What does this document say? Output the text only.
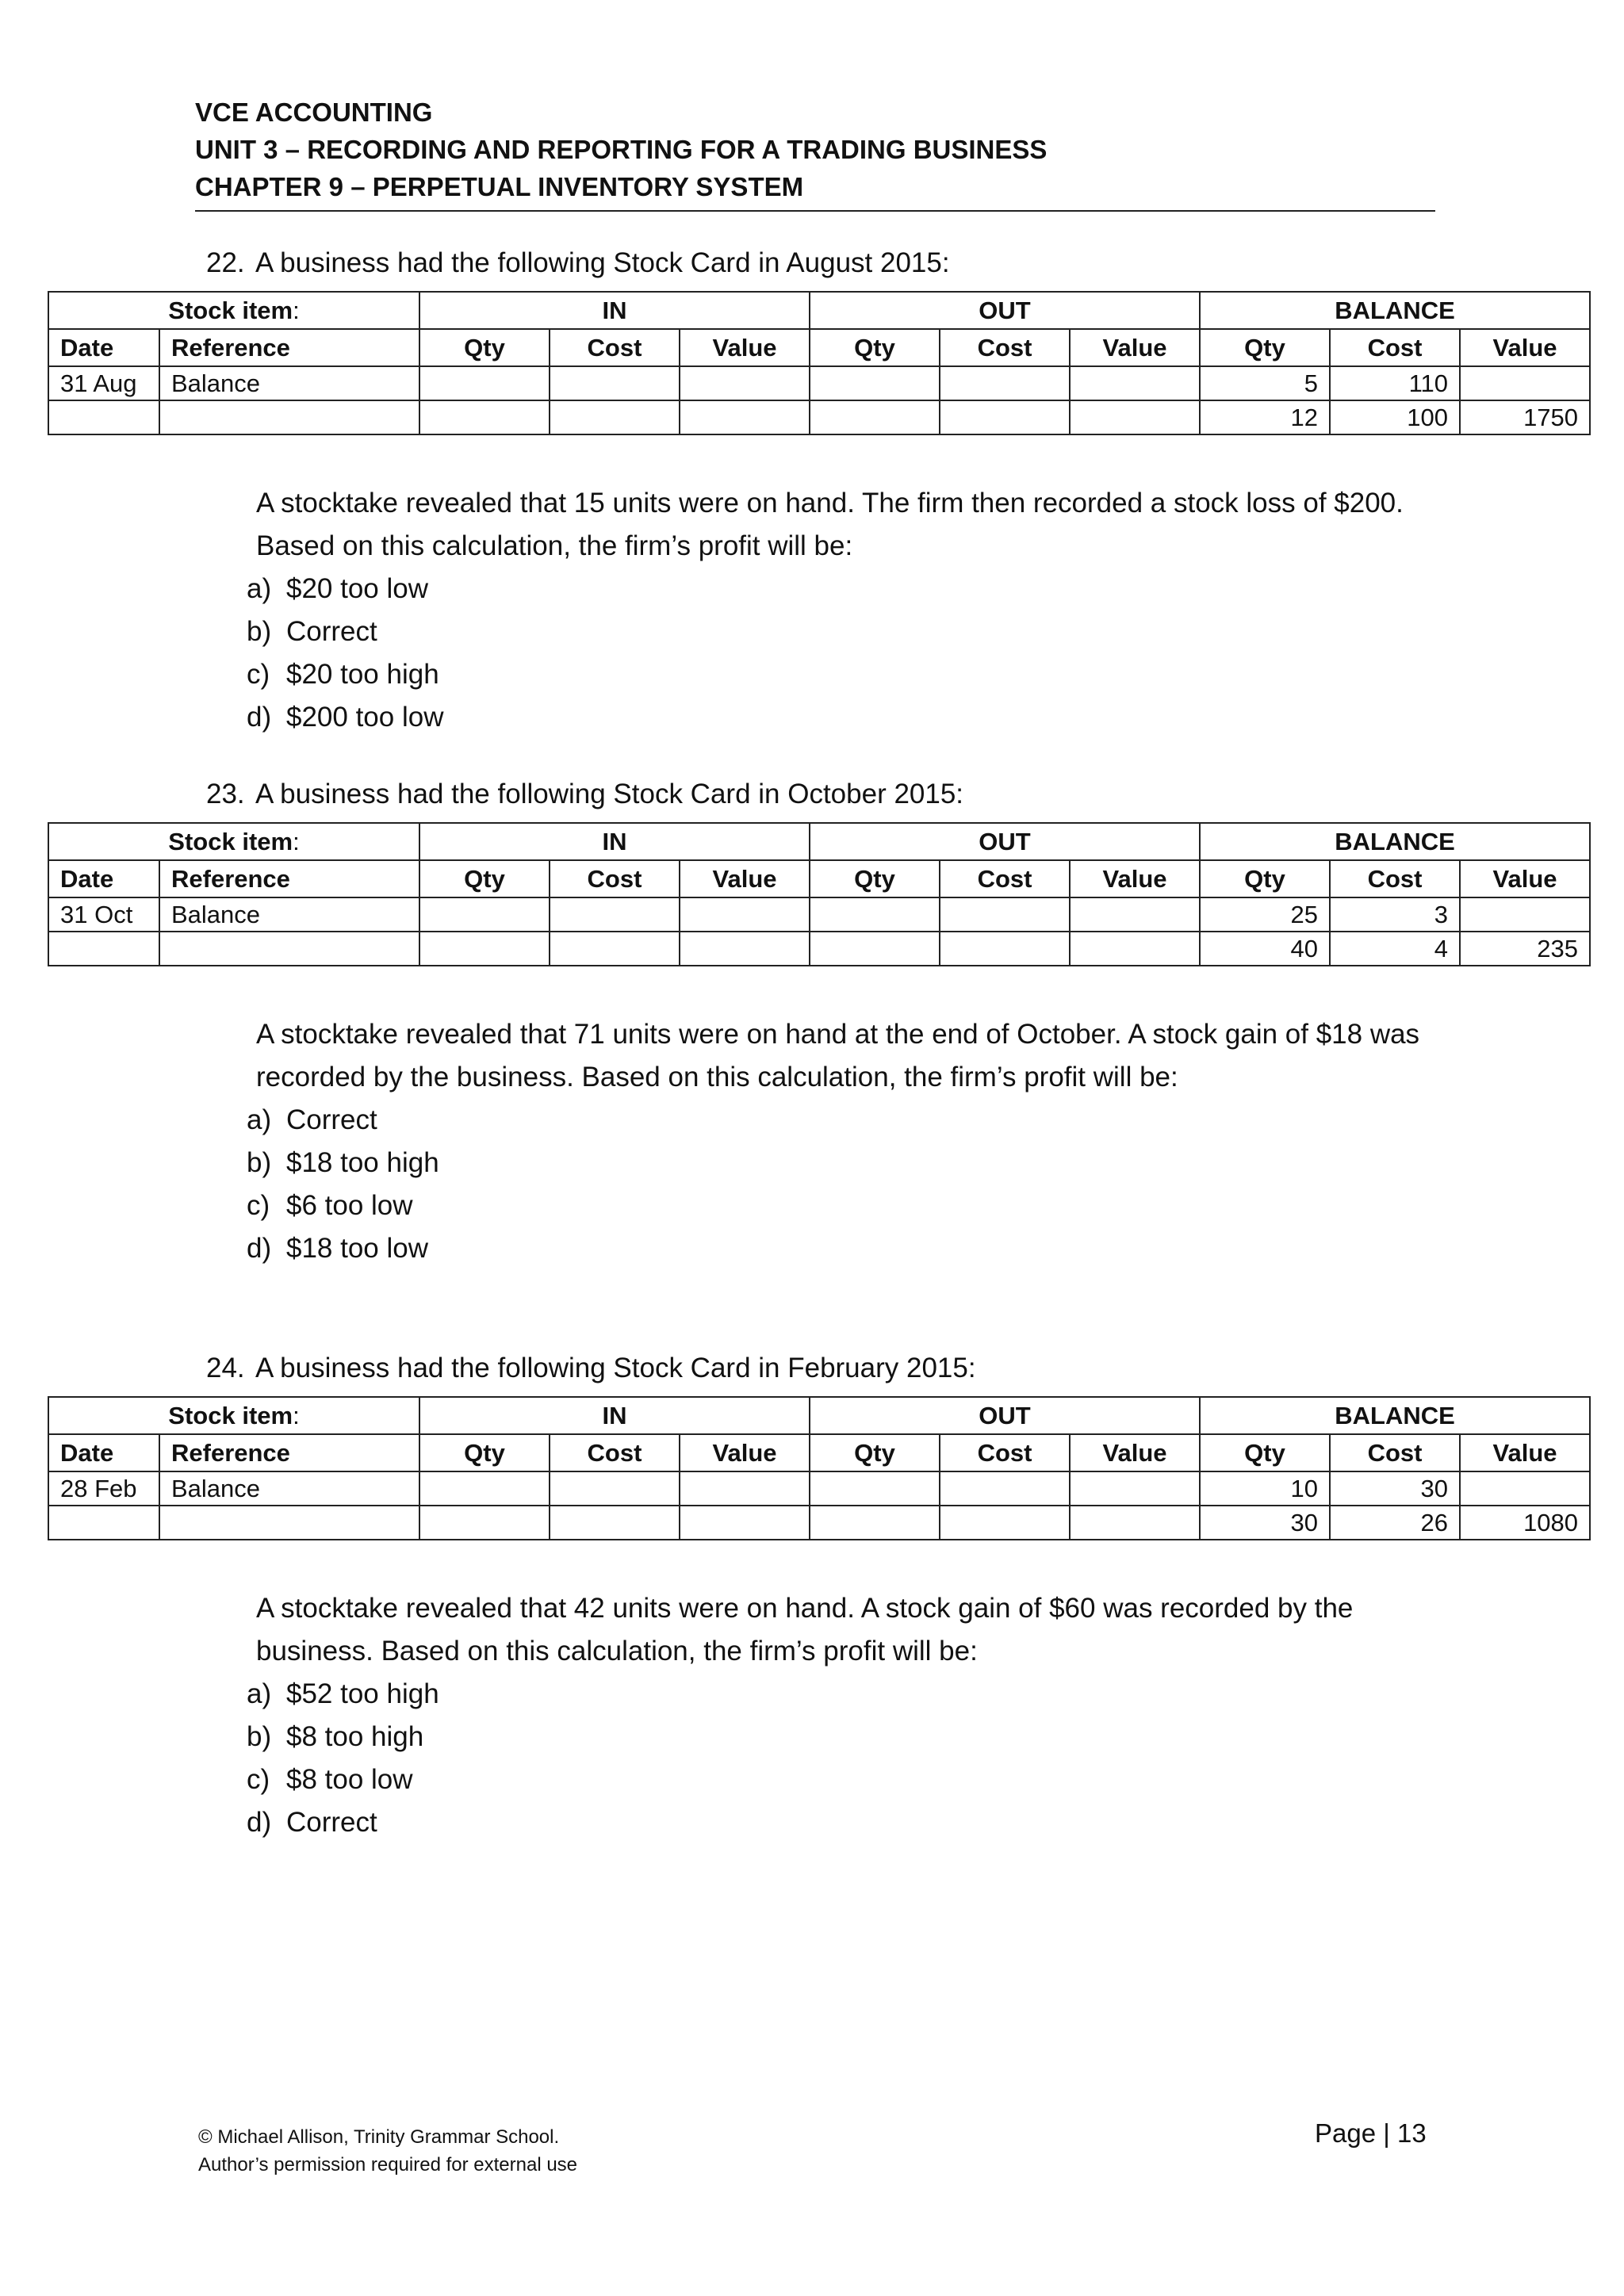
VCE ACCOUNTING
UNIT 3 – RECORDING AND REPORTING FOR A TRADING BUSINESS
CHAPTER 9 – PERPETUAL INVENTORY SYSTEM
22. A business had the following Stock Card in August 2015:
Stock item:		IN			OUT			BALANCE		
Date	Reference	Qty	Cost	Value	Qty	Cost	Value	Qty	Cost	Value
31 Aug	Balance							5	110	
								12	100	1750

A stocktake revealed that 15 units were on hand. The firm then recorded a stock loss of $200.

Based on this calculation, the firm’s profit will be:

a) $20 too low
b) Correct
c) $20 too high
d) $200 too low
23. A business had the following Stock Card in October 2015:
Stock item:		IN			OUT			BALANCE		
Date	Reference	Qty	Cost	Value	Qty	Cost	Value	Qty	Cost	Value
31 Oct	Balance							25	3	
								40	4	235

A stocktake revealed that 71 units were on hand at the end of October. A stock gain of $18 was

recorded by the business. Based on this calculation, the firm’s profit will be:

a) Correct
b) $18 too high
c) $6 too low
d) $18 too low
24. A business had the following Stock Card in February 2015:
Stock item:		IN			OUT			BALANCE		
Date	Reference	Qty	Cost	Value	Qty	Cost	Value	Qty	Cost	Value
28 Feb	Balance							10	30	
								30	26	1080

A stocktake revealed that 42 units were on hand. A stock gain of $60 was recorded by the

business. Based on this calculation, the firm’s profit will be:

a) $52 too high
b) $8 too high
c) $8 too low
d) Correct
© Michael Allison, Trinity Grammar School.
Author’s permission required for external use
Page | 13
